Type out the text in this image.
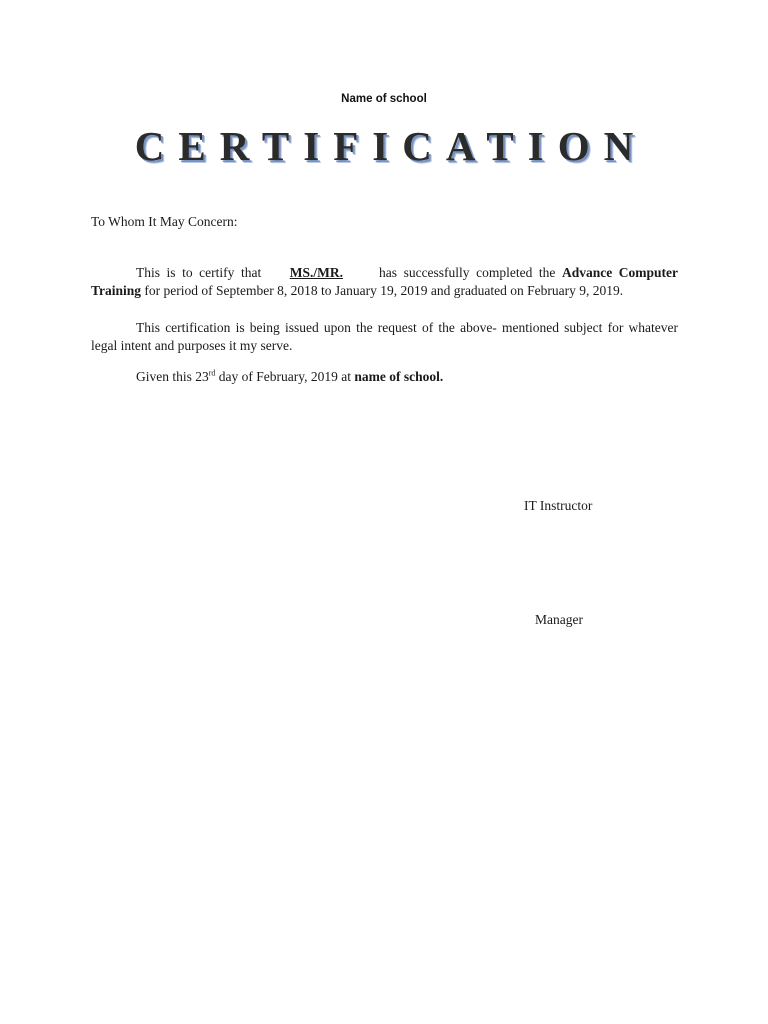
Name of school
CERTIFICATION
To Whom It May Concern:
This is to certify that MS./MR.	has successfully completed the Advance Computer Training for period of September 8, 2018 to January 19, 2019 and graduated on February 9, 2019.
This certification is being issued upon the request of the above- mentioned subject for whatever legal intent and purposes it my serve.
Given this 23rd day of February, 2019 at name of school.
IT Instructor
Manager
